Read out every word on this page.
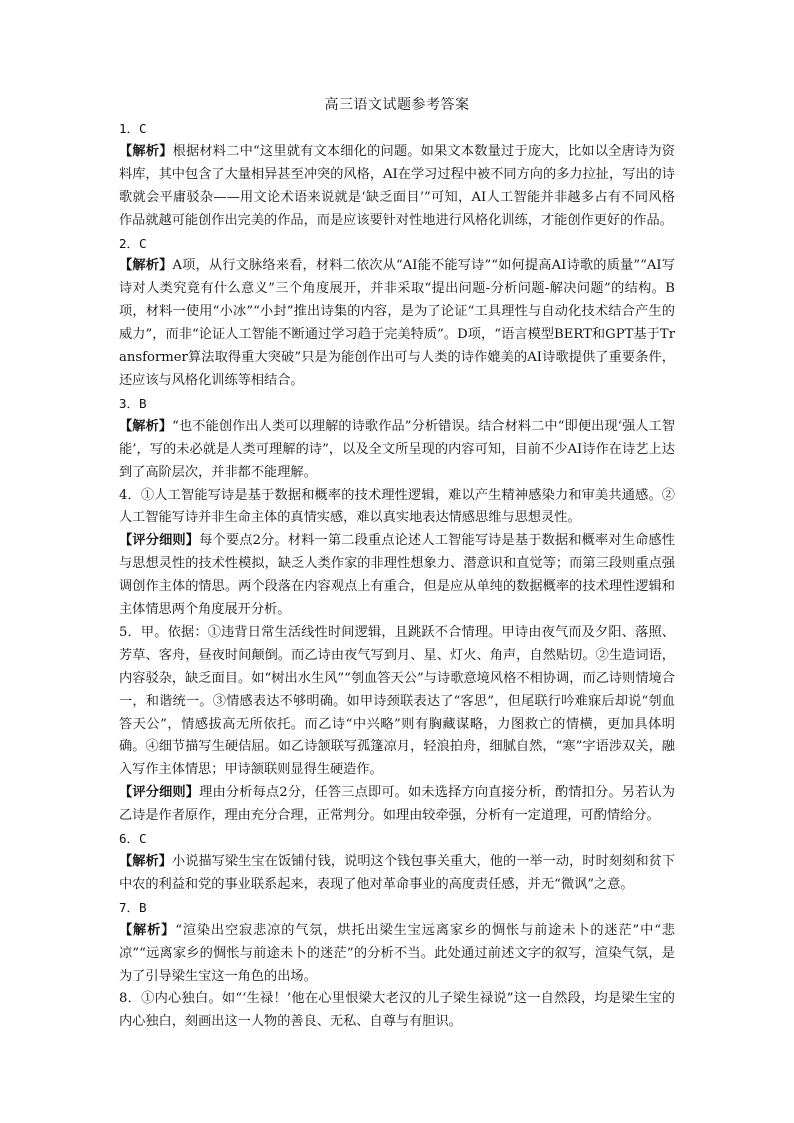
高三语文试题参考答案

1．C

【解析】根据材料二中“这里就有文本细化的问题。如果文本数量过于庞大，比如以全唐诗为资料库，其中包含了大量相异甚至冲突的风格，AI在学习过程中被不同方向的多力拉扯，写出的诗歌就会平庸驳杂——用文论术语来说就是‘缺乏面目’”可知，AI人工智能并非越多占有不同风格作品就越可能创作出完美的作品，而是应该要针对性地进行风格化训练，才能创作更好的作品。

2．C

【解析】A项，从行文脉络来看，材料二依次从“AI能不能写诗”“如何提高AI诗歌的质量”“AI写诗对人类究竟有什么意义”三个角度展开，并非采取“提出问题-分析问题-解决问题”的结构。B项，材料一使用“小冰”“小封”推出诗集的内容，是为了论证“工具理性与自动化技术结合产生的威力”，而非“论证人工智能不断通过学习趋于完美特质”。D项，“语言模型BERT和GPT基于Transformer算法取得重大突破”只是为能创作出可与人类的诗作媲美的AI诗歌提供了重要条件，还应该与风格化训练等相结合。

3．B

【解析】“也不能创作出人类可以理解的诗歌作品”分析错误。结合材料二中“即便出现‘强人工智能’，写的未必就是人类可理解的诗”，以及全文所呈现的内容可知，目前不少AI诗作在诗艺上达到了高阶层次，并非都不能理解。

4．①人工智能写诗是基于数据和概率的技术理性逻辑，难以产生精神感染力和审美共通感。②人工智能写诗并非生命主体的真情实感，难以真实地表达情感思维与思想灵性。

【评分细则】每个要点2分。材料一第二段重点论述人工智能写诗是基于数据和概率对生命感性与思想灵性的技术性模拟，缺乏人类作家的非理性想象力、潜意识和直觉等；而第三段则重点强调创作主体的情思。两个段落在内容观点上有重合，但是应从单纯的数据概率的技术理性逻辑和主体情思两个角度展开分析。

5．甲。依据：①违背日常生活线性时间逻辑，且跳跃不合情理。甲诗由夜气而及夕阳、落照、芳草、客舟，昼夜时间颠倒。而乙诗由夜气写到月、星、灯火、角声，自然贴切。②生造词语，内容驳杂，缺乏面目。如“树出水生风”“刳血答天公”与诗歌意境风格不相协调，而乙诗则情境合一，和谐统一。③情感表达不够明确。如甲诗颈联表达了“客思”，但尾联行吟难寐后却说“刳血答天公”，情感拔高无所依托。而乙诗“中兴略”则有胸藏谋略，力图救亡的情横，更加具体明确。④细节描写生硬佶屈。如乙诗颔联写孤篷凉月，轻浪拍舟，细腻自然，“寒”字语涉双关，融入写作主体情思；甲诗颔联则显得生硬造作。

【评分细则】理由分析每点2分，任答三点即可。如未选择方向直接分析，酌情扣分。另若认为乙诗是作者原作，理由充分合理，正常判分。如理由较牵强，分析有一定道理，可酌情给分。

6．C

【解析】小说描写梁生宝在饭铺付钱，说明这个钱包事关重大，他的一举一动，时时刻刻和贫下中农的利益和党的事业联系起来，表现了他对革命事业的高度责任感，并无“微讽”之意。

7．B

【解析】“渲染出空寂悲凉的气氛，烘托出梁生宝远离家乡的惆怅与前途未卜的迷茫”中“悲凉”“远离家乡的惆怅与前途未卜的迷茫”的分析不当。此处通过前述文字的叙写，渲染气氛，是为了引导梁生宝这一角色的出场。

8．①内心独白。如“‘生禄！’他在心里恨梁大老汉的儿子梁生禄说”这一自然段，均是梁生宝的内心独白，刻画出这一人物的善良、无私、自尊与有胆识。
